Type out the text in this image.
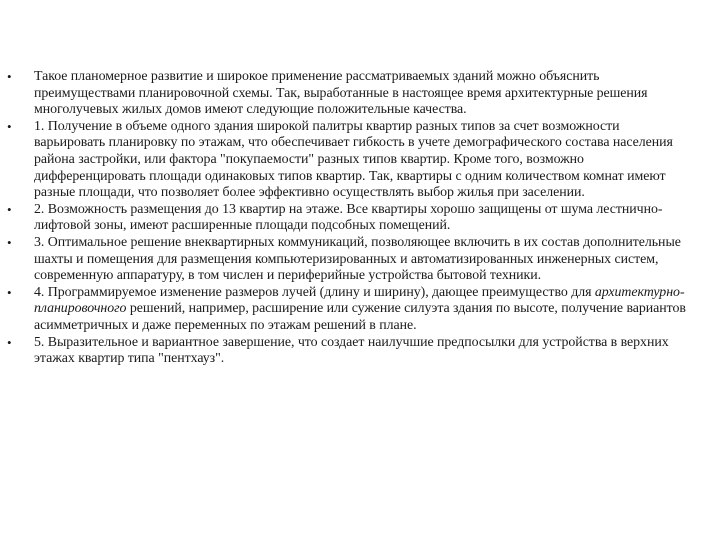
• Такое планомерное развитие и широкое применение рассматриваемых зданий можно объяснить преимуществами планировочной схемы. Так, выработанные в настоящее время архитектурные решения многолучевых жилых домов имеют следующие положительные качества.
• 1. Получение в объеме одного здания широкой палитры квартир разных типов за счет возможности варьировать планировку по этажам, что обеспечивает гибкость в учете демографического состава населения района застройки, или фактора "покупаемости" разных типов квартир. Кроме того, возможно дифференцировать площади одинаковых типов квартир. Так, квартиры с одним количеством комнат имеют разные площади, что позволяет более эффективно осуществлять выбор жилья при заселении.
• 2. Возможность размещения до 13 квартир на этаже. Все квартиры хорошо защищены от шума лестнично-лифтовой зоны, имеют расширенные площади подсобных помещений.
• 3. Оптимальное решение внеквартирных коммуникаций, позволяющее включить в их состав дополнительные шахты и помещения для размещения компьютеризированных и автоматизированных инженерных систем, современную аппаратуру, в том числен и периферийные устройства бытовой техники.
• 4. Программируемое изменение размеров лучей (длину и ширину), дающее преимущество для архитектурно-планировочного решений, например, расширение или сужение силуэта здания по высоте, получение вариантов асимметричных и даже переменных по этажам решений в плане.
• 5. Выразительное и вариантное завершение, что создает наилучшие предпосылки для устройства в верхних этажах квартир типа "пентхауз".
